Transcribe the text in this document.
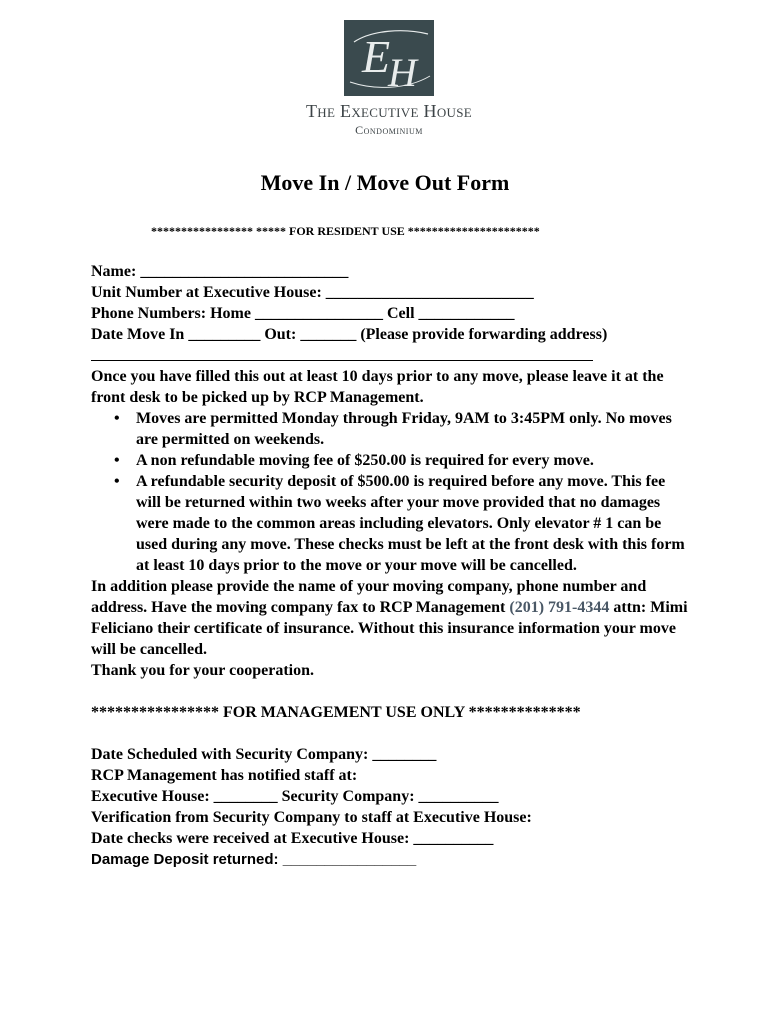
E
H
The Executive House
Condominium
Move In / Move Out Form
***************** ***** FOR RESIDENT USE **********************
Name: __________________________
Unit Number at Executive House: __________________________
Phone Numbers: Home ________________ Cell ____________
Date Move In _________ Out: _______ (Please provide forwarding address)

Once you have filled this out at least 10 days prior to any move, please leave it at the front desk to be picked up by RCP Management.

• Moves are permitted Monday through Friday, 9AM to 3:45PM only. No moves are permitted on weekends.
• A non refundable moving fee of $250.00 is required for every move.
• A refundable security deposit of $500.00 is required before any move. This fee will be returned within two weeks after your move provided that no damages were made to the common areas including elevators. Only elevator # 1 can be used during any move. These checks must be left at the front desk with this form at least 10 days prior to the move or your move will be cancelled.

In addition please provide the name of your moving company, phone number and address. Have the moving company fax to RCP Management (201) 791-4344 attn: Mimi Feliciano their certificate of insurance. Without this insurance information your move will be cancelled.

Thank you for your cooperation.

**************** FOR MANAGEMENT USE ONLY **************
Date Scheduled with Security Company: ________
RCP Management has notified staff at:
Executive House: ________ Security Company: __________
Verification from Security Company to staff at Executive House:
Date checks were received at Executive House: __________
Damage Deposit returned: ________________
